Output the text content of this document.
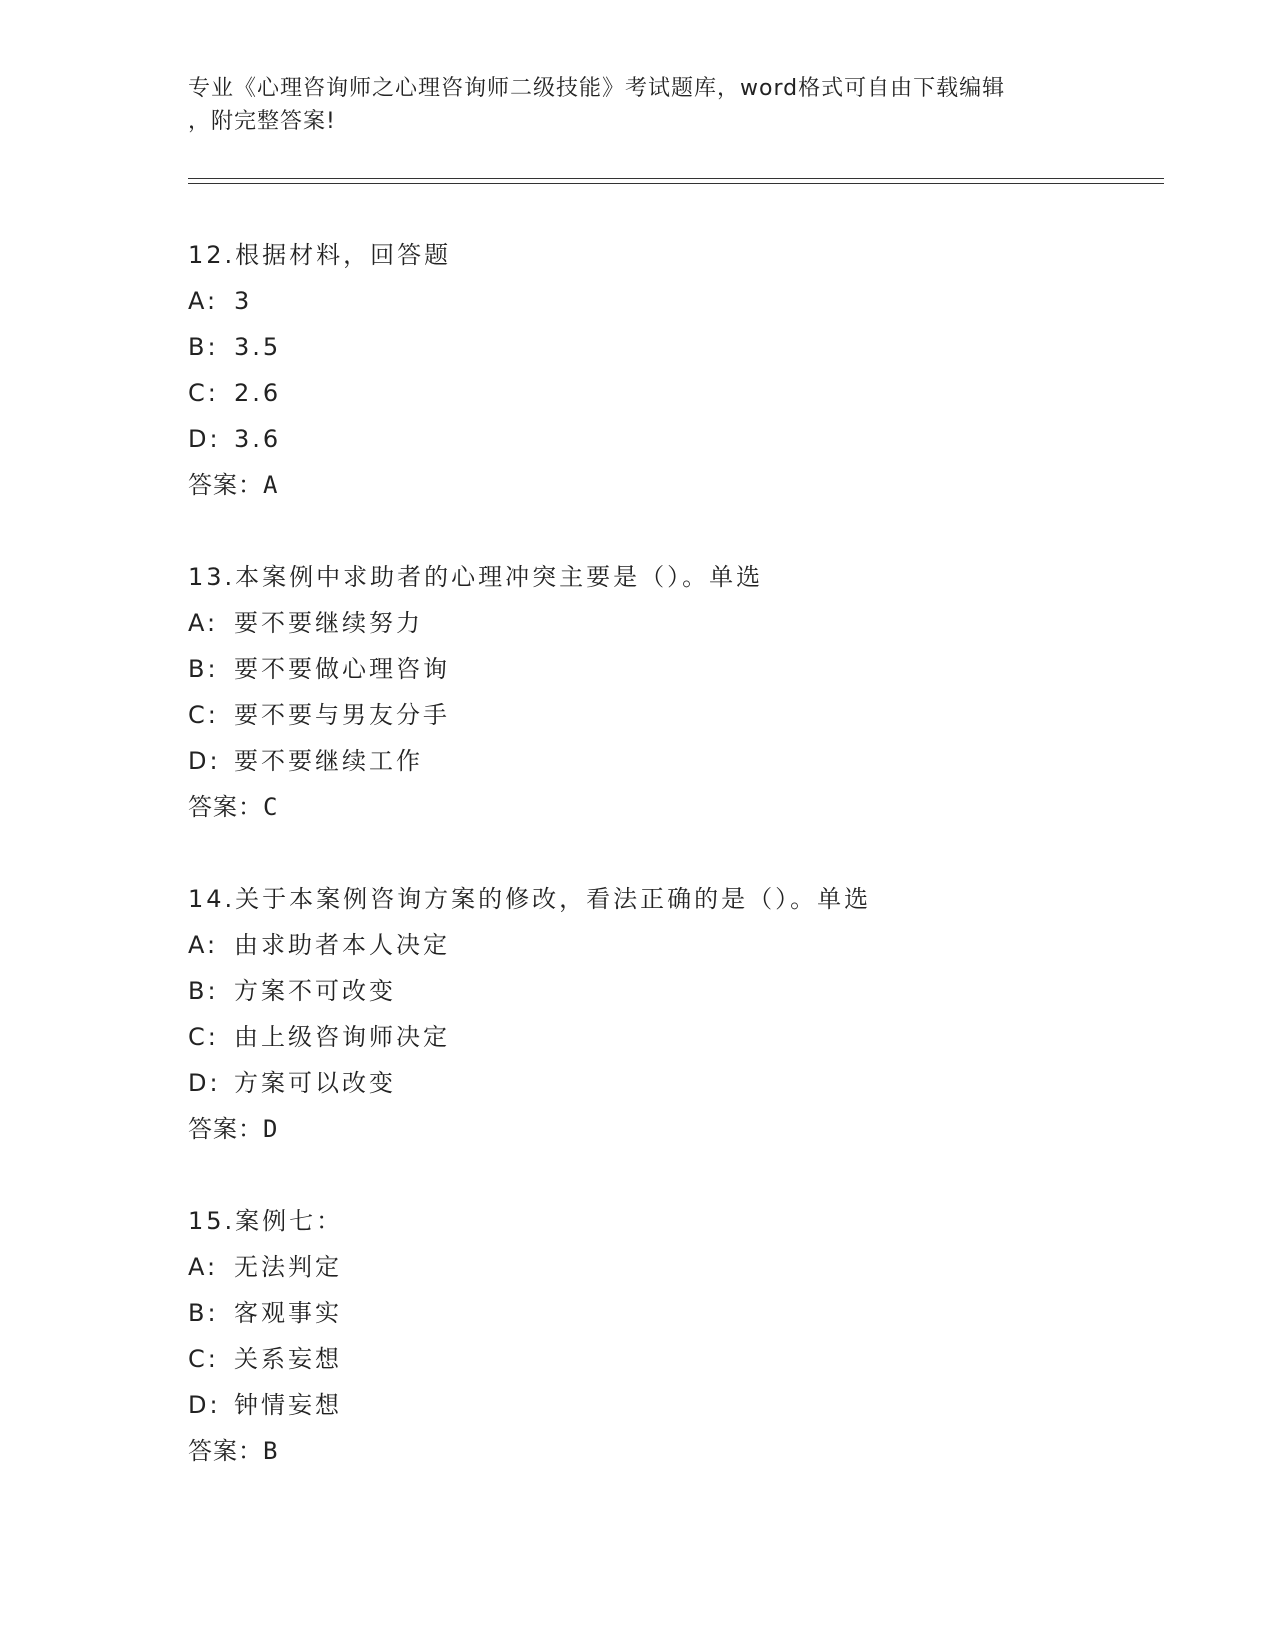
专业《心理咨询师之心理咨询师二级技能》考试题库，word格式可自由下载编辑
，附完整答案!
12.根据材料，回答题
A: 3
B: 3.5
C: 2.6
D: 3.6
答案：A
13.本案例中求助者的心理冲突主要是（）。单选
A: 要不要继续努力
B: 要不要做心理咨询
C: 要不要与男友分手
D: 要不要继续工作
答案：C
14.关于本案例咨询方案的修改，看法正确的是（）。单选
A: 由求助者本人决定
B: 方案不可改变
C: 由上级咨询师决定
D: 方案可以改变
答案：D
15.案例七：
A: 无法判定
B: 客观事实
C: 关系妄想
D: 钟情妄想
答案：B
